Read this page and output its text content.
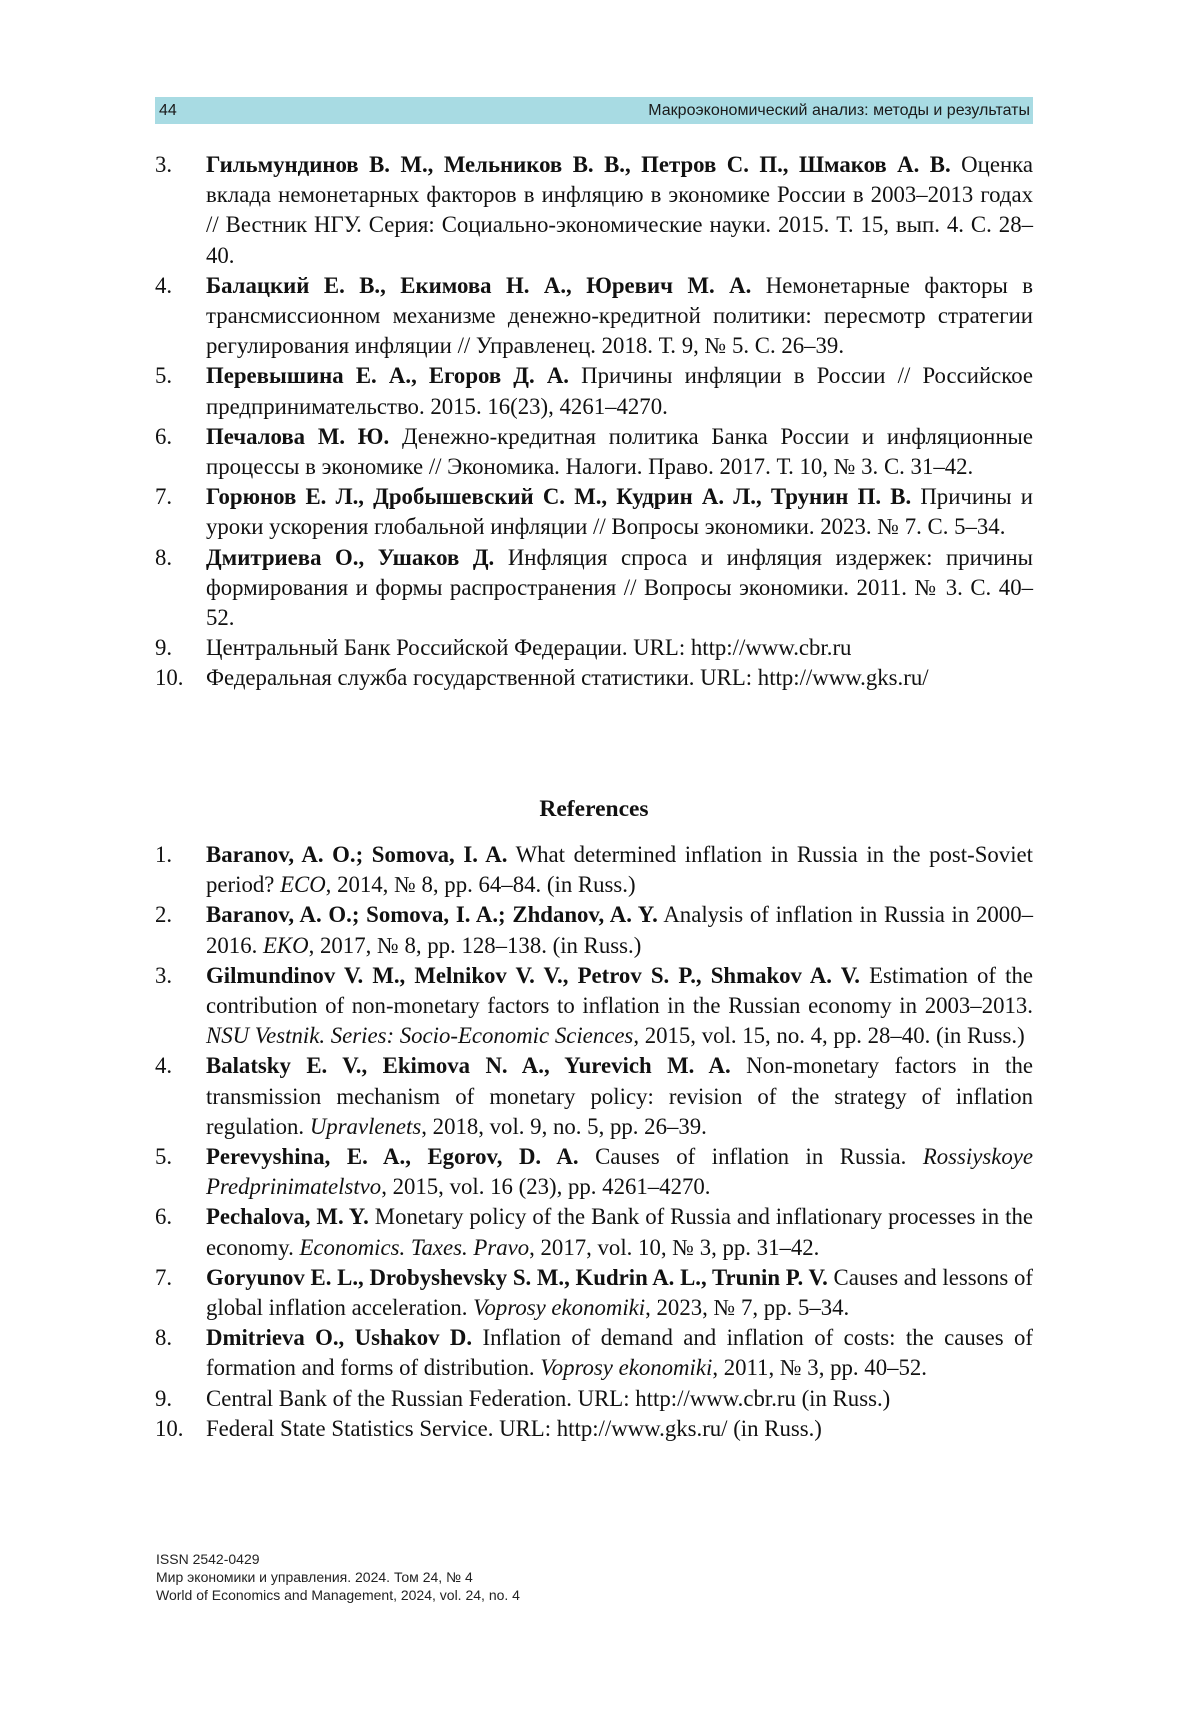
44	Макроэкономический анализ: методы и результаты
3.	Гильмундинов В. М., Мельников В. В., Петров С. П., Шмаков А. В. Оценка вклада немонетарных факторов в инфляцию в экономике России в 2003–2013 годах // Вестник НГУ. Серия: Социально-экономические науки. 2015. Т. 15, вып. 4. С. 28–40.
4.	Балацкий Е. В., Екимова Н. А., Юревич М. А. Немонетарные факторы в трансмиссионном механизме денежно-кредитной политики: пересмотр стратегии регулирования инфляции // Управленец. 2018. Т. 9, № 5. С. 26–39.
5.	Перевышина Е. А., Егоров Д. А. Причины инфляции в России // Российское предпринимательство. 2015. 16(23), 4261–4270.
6.	Печалова М. Ю. Денежно-кредитная политика Банка России и инфляционные процессы в экономике // Экономика. Налоги. Право. 2017. Т. 10, № 3. С. 31–42.
7.	Горюнов Е. Л., Дробышевский С. М., Кудрин А. Л., Трунин П. В. Причины и уроки ускорения глобальной инфляции // Вопросы экономики. 2023. № 7. С. 5–34.
8.	Дмитриева О., Ушаков Д. Инфляция спроса и инфляция издержек: причины формирования и формы распространения // Вопросы экономики. 2011. № 3. С. 40–52.
9.	Центральный Банк Российской Федерации. URL: http://www.cbr.ru
10. Федеральная служба государственной статистики. URL: http://www.gks.ru/
References
1.	Baranov, A. O.; Somova, I. A. What determined inflation in Russia in the post-Soviet period? ECO, 2014, № 8, pp. 64–84. (in Russ.)
2.	Baranov, A. O.; Somova, I. A.; Zhdanov, A. Y. Analysis of inflation in Russia in 2000–2016. EKO, 2017, № 8, pp. 128–138. (in Russ.)
3.	Gilmundinov V. M., Melnikov V. V., Petrov S. P., Shmakov A. V. Estimation of the contribution of non-monetary factors to inflation in the Russian economy in 2003–2013. NSU Vestnik. Series: Socio-Economic Sciences, 2015, vol. 15, no. 4, pp. 28–40. (in Russ.)
4.	Balatsky E. V., Ekimova N. A., Yurevich M. A. Non-monetary factors in the transmission mechanism of monetary policy: revision of the strategy of inflation regulation. Upravlenets, 2018, vol. 9, no. 5, pp. 26–39.
5.	Perevyshina, E. A., Egorov, D. A. Causes of inflation in Russia. Rossiyskoye Predprinimatelstvo, 2015, vol. 16 (23), pp. 4261–4270.
6.	Pechalova, M. Y. Monetary policy of the Bank of Russia and inflationary processes in the economy. Economics. Taxes. Pravo, 2017, vol. 10, № 3, pp. 31–42.
7.	Goryunov E. L., Drobyshevsky S. M., Kudrin A. L., Trunin P. V. Causes and lessons of global inflation acceleration. Voprosy ekonomiki, 2023, № 7, pp. 5–34.
8.	Dmitrieva O., Ushakov D. Inflation of demand and inflation of costs: the causes of formation and forms of distribution. Voprosy ekonomiki, 2011, № 3, pp. 40–52.
9.	Central Bank of the Russian Federation. URL: http://www.cbr.ru (in Russ.)
10. Federal State Statistics Service. URL: http://www.gks.ru/ (in Russ.)
ISSN 2542-0429
Мир экономики и управления. 2024. Том 24, № 4
World of Economics and Management, 2024, vol. 24, no. 4
